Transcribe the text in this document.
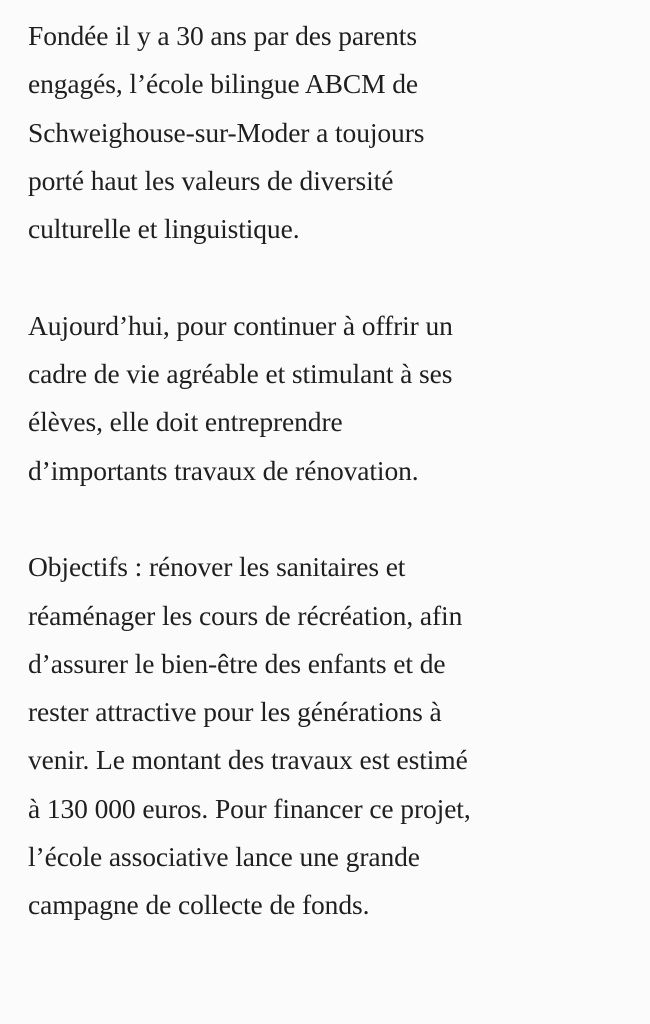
Fondée il y a 30 ans par des parents
engagés, l’école bilingue ABCM de
Schweighouse-sur-Moder a toujours
porté haut les valeurs de diversité
culturelle et linguistique.

Aujourd’hui, pour continuer à offrir un
cadre de vie agréable et stimulant à ses
élèves, elle doit entreprendre
d’importants travaux de rénovation.

Objectifs : rénover les sanitaires et
réaménager les cours de récréation, afin
d’assurer le bien-être des enfants et de
rester attractive pour les générations à
venir. Le montant des travaux est estimé
à 130 000 euros. Pour financer ce projet,
l’école associative lance une grande
campagne de collecte de fonds.
